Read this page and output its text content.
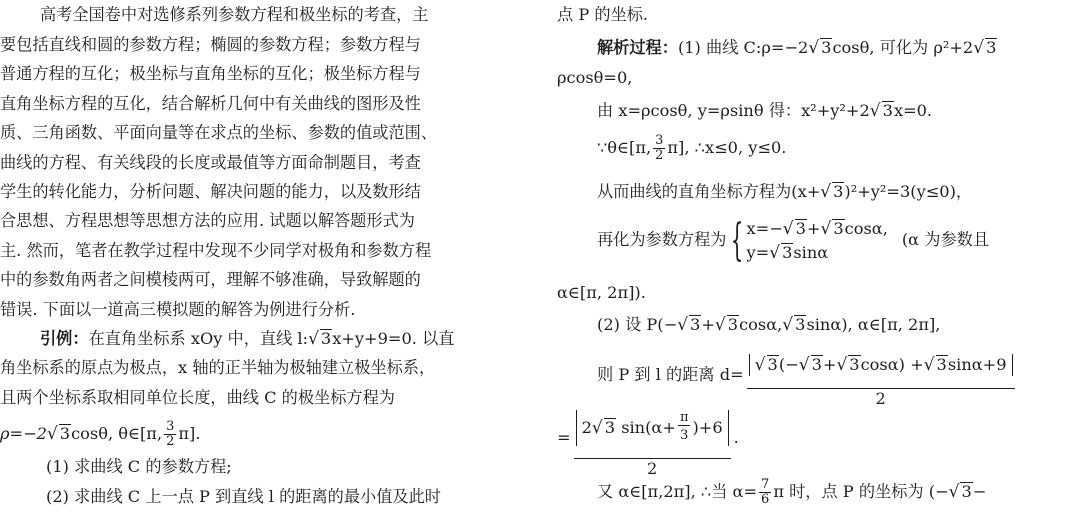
高考全国卷中对选修系列参数方程和极坐标的考查，主
要包括直线和圆的参数方程；椭圆的参数方程；参数方程与
普通方程的互化；极坐标与直角坐标的互化；极坐标方程与
直角坐标方程的互化，结合解析几何中有关曲线的图形及性
质、三角函数、平面向量等在求点的坐标、参数的值或范围、
曲线的方程、有关线段的长度或最值等方面命制题目，考查
学生的转化能力，分析问题、解决问题的能力，以及数形结
合思想、方程思想等思想方法的应用. 试题以解答题形式为
主. 然而，笔者在教学过程中发现不少同学对极角和参数方程
中的参数角两者之间模棱两可，理解不够准确，导致解题的
错误. 下面以一道高三模拟题的解答为例进行分析.
引例：在直角坐标系 xOy 中，直线 l:√ 3x+y+9=0. 以直
角坐标系的原点为极点，x 轴的正半轴为极轴建立极坐标系，
且两个坐标系取相同单位长度，曲线 C 的极坐标方程为
ρ=−2√ 3cosθ, θ∈[π, $\frac{3}{2} \pi$].
(1) 求曲线 C 的参数方程;
(2) 求曲线 C 上一点 P 到直线 l 的距离的最小值及此时
点 P 的坐标.
解析过程：(1) 曲线 C:ρ=−2√ 3cosθ, 可化为 ρ²+2√ 3
ρcosθ=0,
由 x=ρcosθ, y=ρsinθ 得：x²+y²+2√ 3x=0.
∵θ∈[π, $\frac{3}{2} \pi$], ∴x≤0, y≤0.
从而曲线的直角坐标方程为(x+√ 3)²+y²=3(y≤0)，
再化为参数方程为{ x=−√ 3+√ 3cosα,
y=√ 3sinα
(α 为参数且
α∈[π, 2π]).
(2) 设 P(−√ 3+√ 3cosα,√ 3sinα), α∈[π, 2π],
则 P 到 l 的距离 $d= \frac{√ 3(-√ 3+√ 3\cos\alpha) +√ 3\sin\alpha+9}{2}$
= $\frac{2√ 3 \sin(\alpha+ \frac{\pi}{3} )+6}{2}$ .
又 α∈[π,2π], ∴当 $\alpha= \frac{7}{6}$ π 时，点 P 的坐标为 (−√ 3−
